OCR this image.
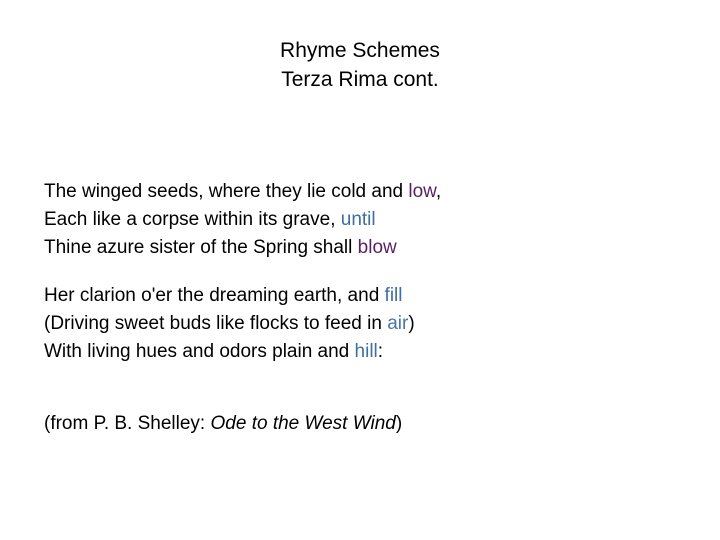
Rhyme Schemes
Terza Rima cont.
The winged seeds, where they lie cold and low,
Each like a corpse within its grave, until
Thine azure sister of the Spring shall blow
Her clarion o'er the dreaming earth, and fill
(Driving sweet buds like flocks to feed in air)
With living hues and odors plain and hill:
(from P. B. Shelley: Ode to the West Wind)
